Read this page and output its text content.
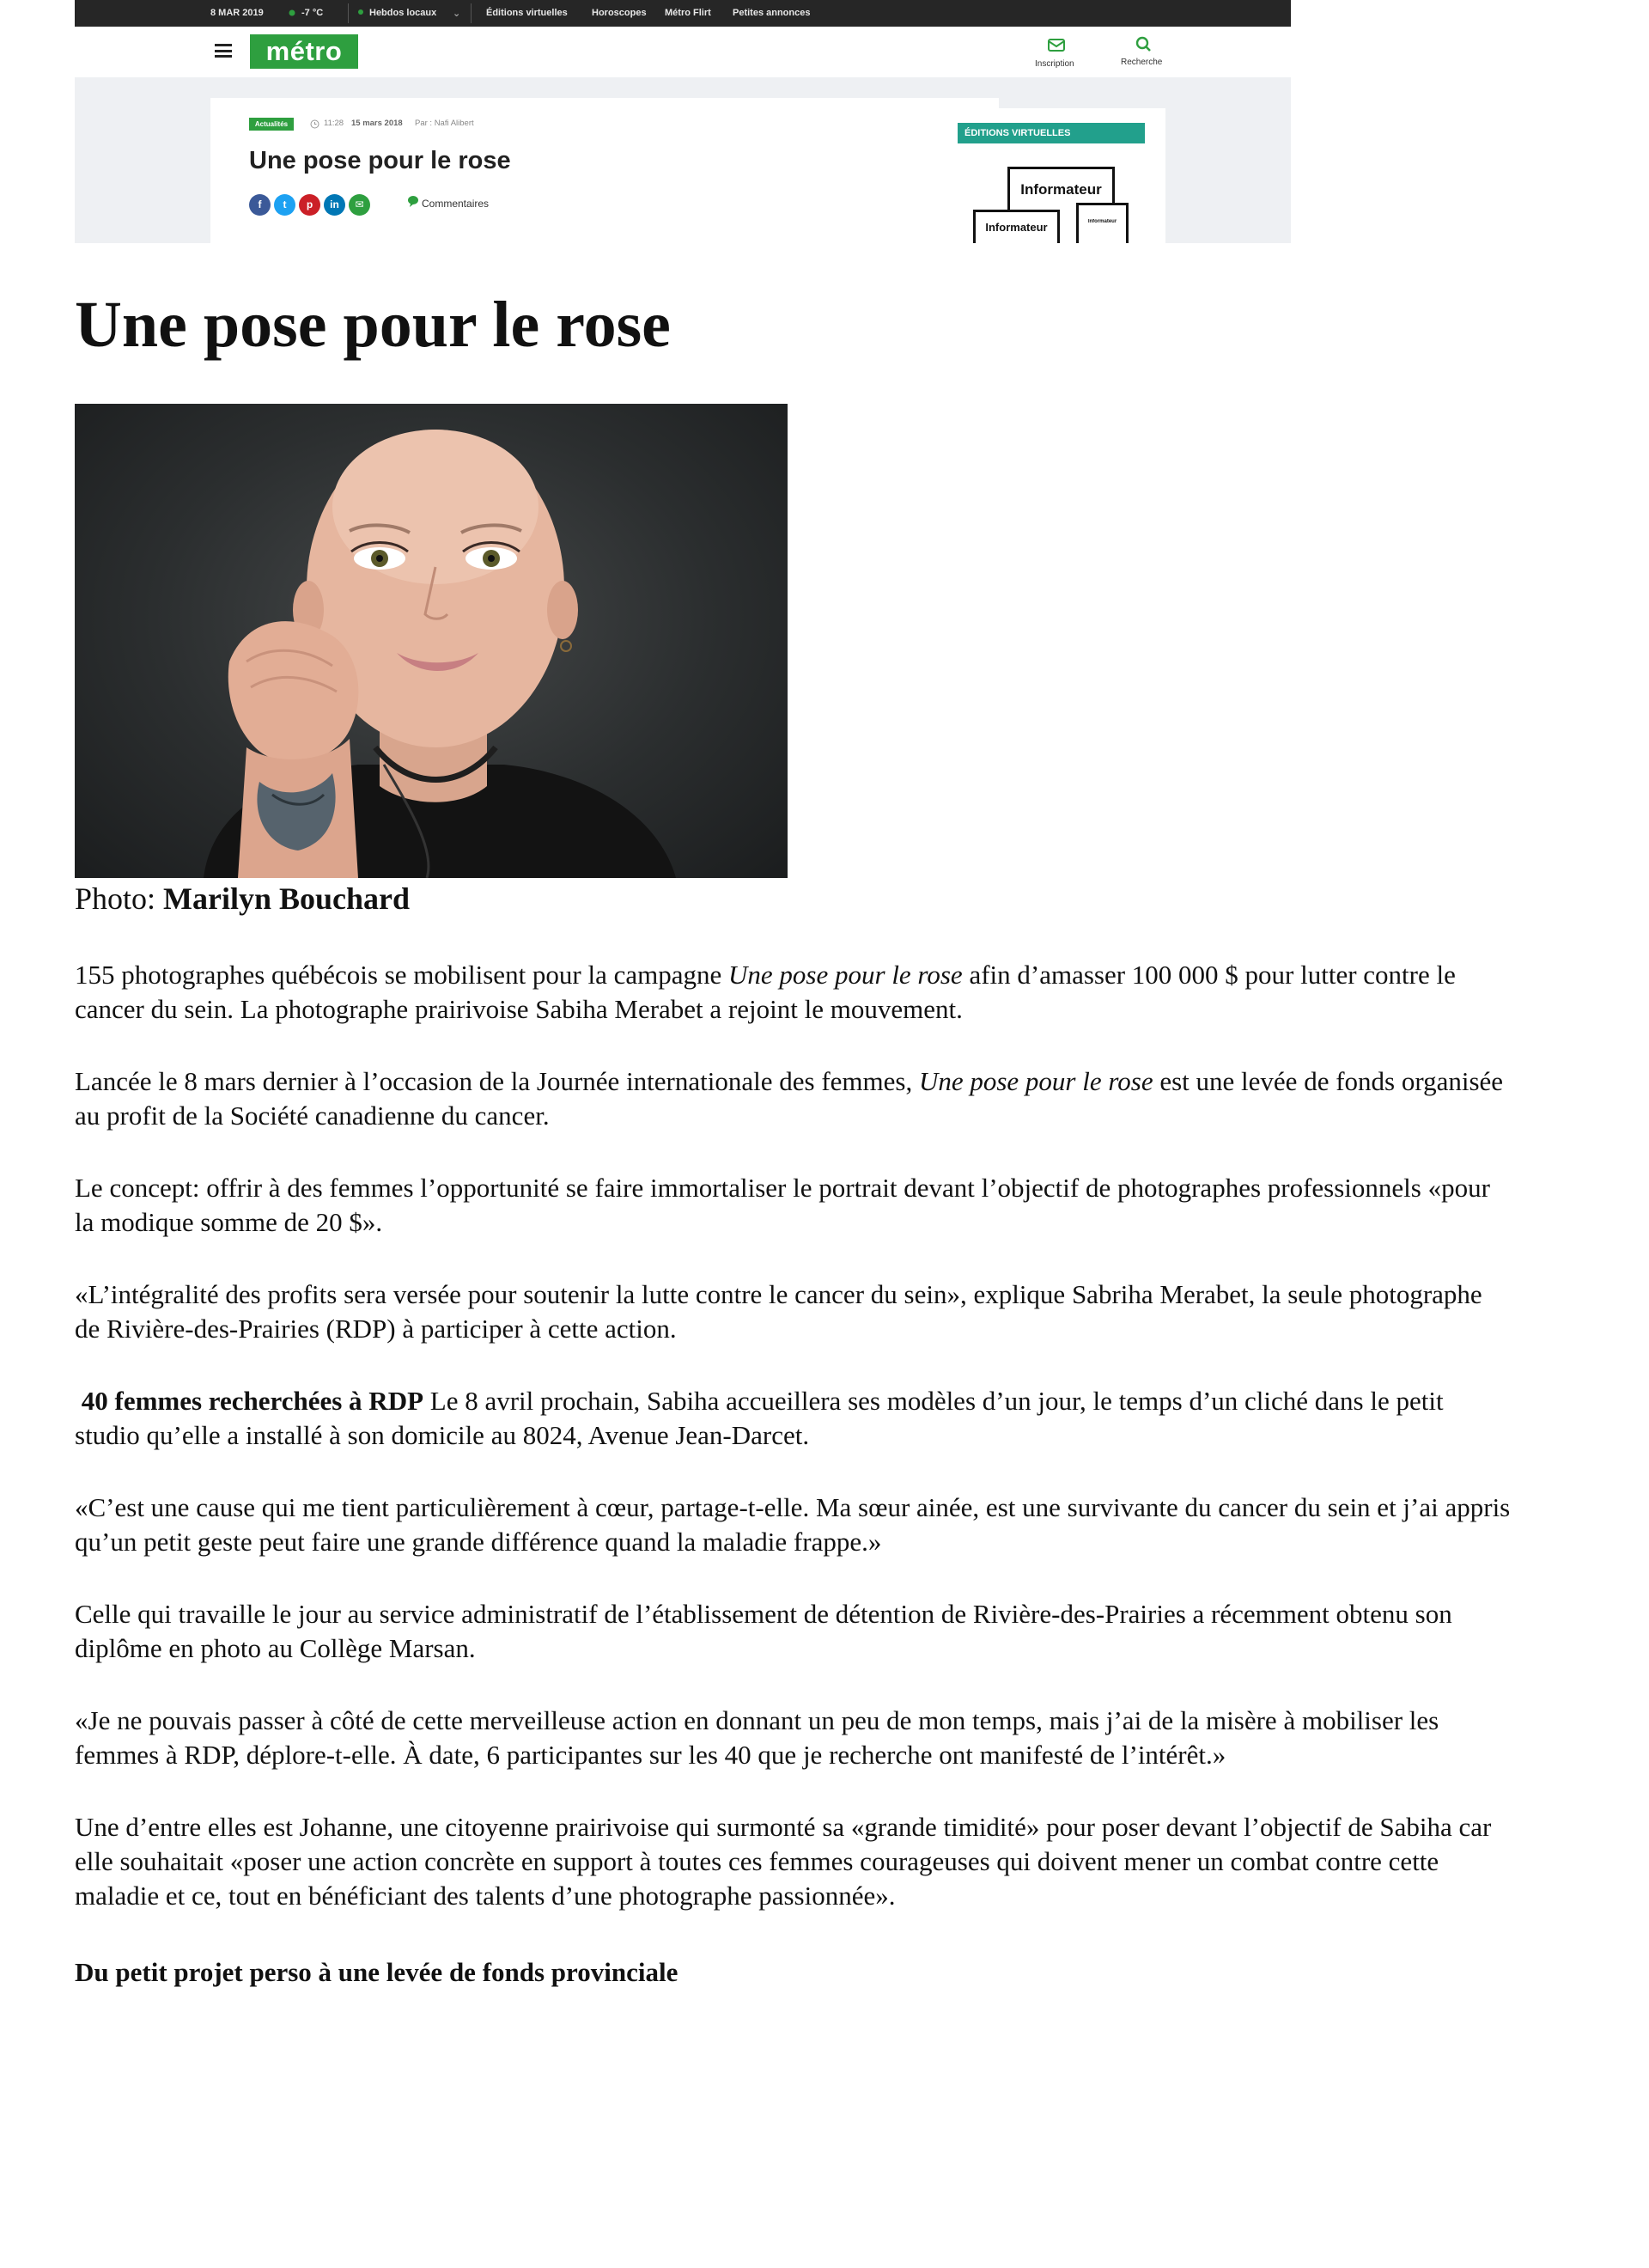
8 MAR 2019	-7 °C	Hebdos locaux ⌄	Éditions virtuelles	Horoscopes Métro Flirt Petites annonces
métro	Inscription	Recherche
Actualités	11:28 15 mars 2018 Par : Nafi Alibert
Une pose pour le rose
f	t	p	in	✉	Commentaires
ÉDITIONS VIRTUELLES
Informateur
Informateur	Informateur
Une pose pour le rose
Photo: Marilyn Bouchard

155 photographes québécois se mobilisent pour la campagne Une pose pour le rose afin d’amasser 100 000 $ pour lutter contre le
cancer du sein. La photographe prairivoise Sabiha Merabet a rejoint le mouvement.

Lancée le 8 mars dernier à l’occasion de la Journée internationale des femmes, Une pose pour le rose est une levée de fonds organisée
au profit de la Société canadienne du cancer.

Le concept: offrir à des femmes l’opportunité se faire immortaliser le portrait devant l’objectif de photographes professionnels «pour
la modique somme de 20 $».

«L’intégralité des profits sera versée pour soutenir la lutte contre le cancer du sein», explique Sabriha Merabet, la seule photographe
de Rivière-des-Prairies (RDP) à participer à cette action.

40 femmes recherchées à RDP Le 8 avril prochain, Sabiha accueillera ses modèles d’un jour, le temps d’un cliché dans le petit
studio qu’elle a installé à son domicile au 8024, Avenue Jean-Darcet.

«C’est une cause qui me tient particulièrement à cœur, partage-t-elle. Ma sœur ainée, est une survivante du cancer du sein et j’ai appris
qu’un petit geste peut faire une grande différence quand la maladie frappe.»

Celle qui travaille le jour au service administratif de l’établissement de détention de Rivière-des-Prairies a récemment obtenu son
diplôme en photo au Collège Marsan.

«Je ne pouvais passer à côté de cette merveilleuse action en donnant un peu de mon temps, mais j’ai de la misère à mobiliser les
femmes à RDP, déplore-t-elle. À date, 6 participantes sur les 40 que je recherche ont manifesté de l’intérêt.»

Une d’entre elles est Johanne, une citoyenne prairivoise qui surmonté sa «grande timidité» pour poser devant l’objectif de Sabiha car
elle souhaitait «poser une action concrète en support à toutes ces femmes courageuses qui doivent mener un combat contre cette
maladie et ce, tout en bénéficiant des talents d’une photographe passionnée».

Du petit projet perso à une levée de fonds provinciale
